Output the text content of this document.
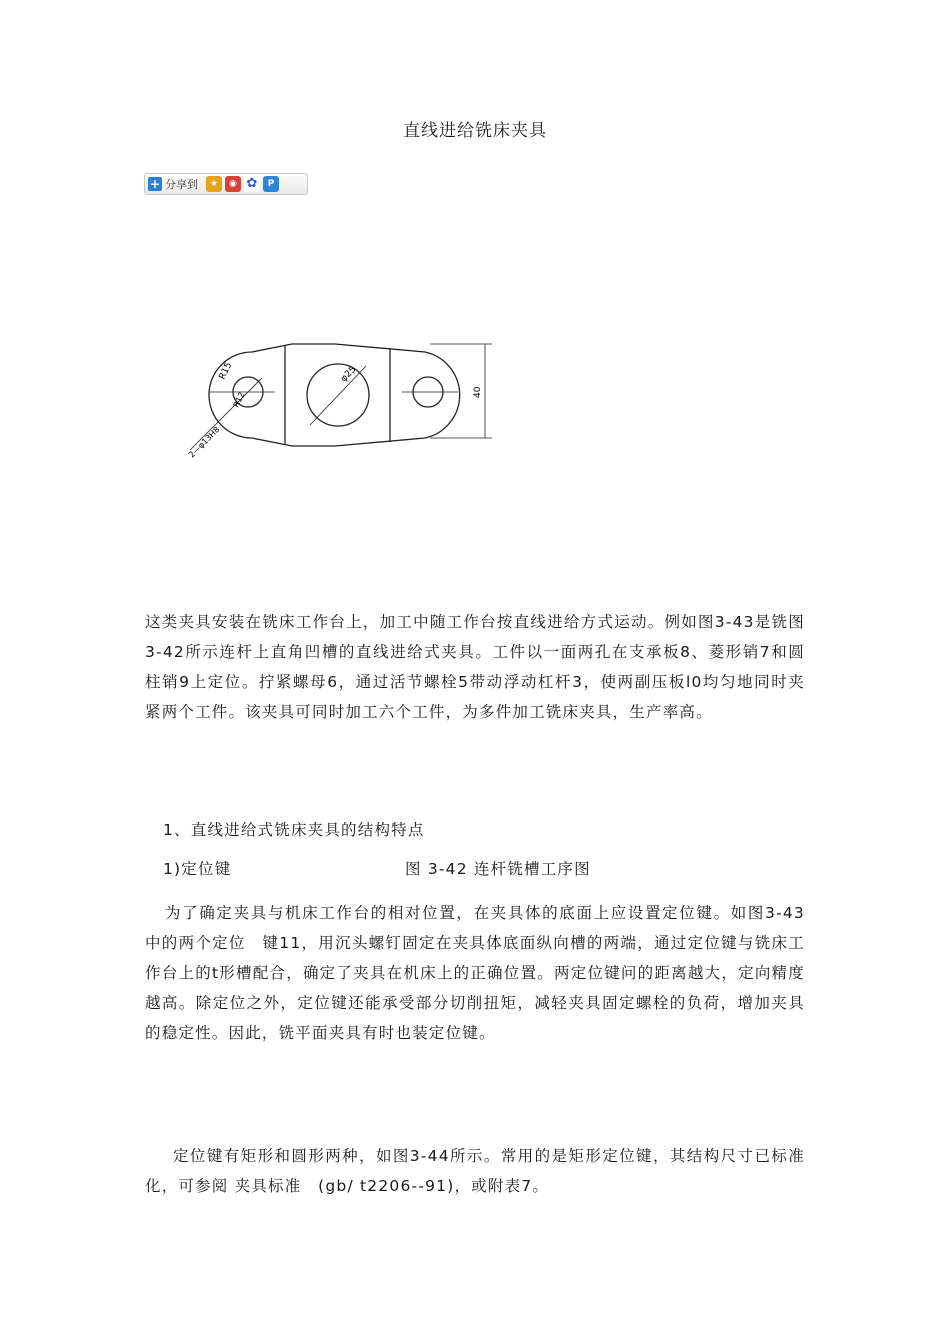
直线进给铣床夹具
+ 分享到	★	◉ ✿	P
R15
R12
φ25
40
2—φ13H8
这类夹具安装在铣床工作台上，加工中随工作台按直线进给方式运动。例如图3-43是铣图3-42所示连杆上直角凹槽的直线进给式夹具。工件以一面两孔在支承板8、菱形销7和圆柱销9上定位。拧紧螺母6，通过活节螺栓5带动浮动杠杆3，使两副压板l0均匀地同时夹紧两个工件。该夹具可同时加工六个工件，为多件加工铣床夹具，生产率高。
1、直线进给式铣床夹具的结构特点
1)定位键	图 3-42 连杆铣槽工序图
为了确定夹具与机床工作台的相对位置，在夹具体的底面上应设置定位键。如图3-43中的两个定位　键11，用沉头螺钉固定在夹具体底面纵向槽的两端，通过定位键与铣床工作台上的t形槽配合，确定了夹具在机床上的正确位置。两定位键问的距离越大，定向精度越高。除定位之外，定位键还能承受部分切削扭矩，减轻夹具固定螺栓的负荷，增加夹具的稳定性。因此，铣平面夹具有时也装定位键。
定位键有矩形和圆形两种，如图3-44所示。常用的是矩形定位键，其结构尺寸已标准化，可参阅 夹具标准　(gb/ t2206--91)，或附表7。
